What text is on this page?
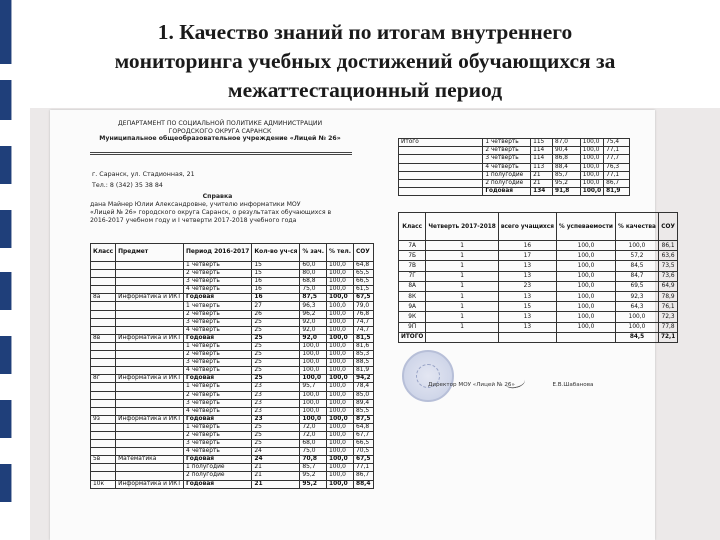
1. Качество знаний по итогам внутреннего
мониторинга учебных достижений обучающихся за
межаттестационный период
ДЕПАРТАМЕНТ ПО СОЦИАЛЬНОЙ ПОЛИТИКЕ АДМИНИСТРАЦИИ
ГОРОДСКОГО ОКРУГА САРАНСК
Муниципальное общеобразовательное учреждение «Лицей № 26»
г. Саранск, ул. Стадионная, 21
Тел.: 8 (342) 35 38 84
Справка
дана Майнер Юлии Александровне, учителю информатики МОУ
«Лицей № 26» городского округа Саранск, о результатах обучающихся в
2016-2017 учебном году и I четверти 2017-2018 учебного года
Класс	Предмет	Период 2016-2017	Кол-во уч-ся	% зач.	% тел.	СОУ
		1 четверть	15	60,0	100,0	64,8
		2 четверть	15	80,0	100,0	65,5
		3 четверть	16	68,8	100,0	66,5
		4 четверть	16	75,0	100,0	61,5
8а	Информатика и ИКТ	Годовая	16	87,5	100,0	67,5
		1 четверть	27	96,3	100,0	79,0
		2 четверть	26	96,2	100,0	76,8
		3 четверть	25	92,0	100,0	74,7
		4 четверть	25	92,0	100,0	74,7
8в	Информатика и ИКТ	Годовая	25	92,0	100,0	81,5
		1 четверть	25	100,0	100,0	81,6
		2 четверть	25	100,0	100,0	85,3
		3 четверть	25	100,0	100,0	88,5
		4 четверть	25	100,0	100,0	81,9
8г	Информатика и ИКТ	Годовая	25	100,0	100,0	94,2
		1 четверть	23	95,7	100,0	78,4
		2 четверть	23	100,0	100,0	85,0
		3 четверть	23	100,0	100,0	89,4
		4 четверть	23	100,0	100,0	85,5
9з	Информатика и ИКТ	Годовая	23	100,0	100,0	87,5
		1 четверть	25	72,0	100,0	64,8
		2 четверть	25	72,0	100,0	67,7
		3 четверть	25	68,0	100,0	66,5
		4 четверть	24	75,0	100,0	70,5
5в	Математика	Годовая	24	70,8	100,0	67,5
		1 полугодие	21	85,7	100,0	77,1
		2 полугодие	21	95,2	100,0	86,7
10к	Информатика и ИКТ	Годовая	21	95,2	100,0	88,4
Итого	1 четверть	115	87,0	100,0	75,4
	2 четверть	114	90,4	100,0	77,1
	3 четверть	114	86,8	100,0	77,7
	4 четверть	113	88,4	100,0	76,3
	1 полугодие	21	85,7	100,0	77,1
	2 полугодие	21	95,2	100,0	86,7
	Годовая	134	91,8	100,0	81,9
Класс	Четверть 2017-2018	всего учащихся	% успеваемости	% качества	СОУ
7А	1	16	100,0	100,0	86,1
7Б	1	17	100,0	57,2	63,6
7В	1	13	100,0	84,5	73,5
7Г	1	13	100,0	84,7	73,6
8А	1	23	100,0	69,5	64,9
8К	1	13	100,0	92,3	78,9
9А	1	15	100,0	64,3	76,1
9К	1	13	100,0	100,0	72,3
9П	1	13	100,0	100,0	77,8
ИТОГО				84,5	72,1
Директор МОУ «Лицей № 26»	Е.В.Шабанова
